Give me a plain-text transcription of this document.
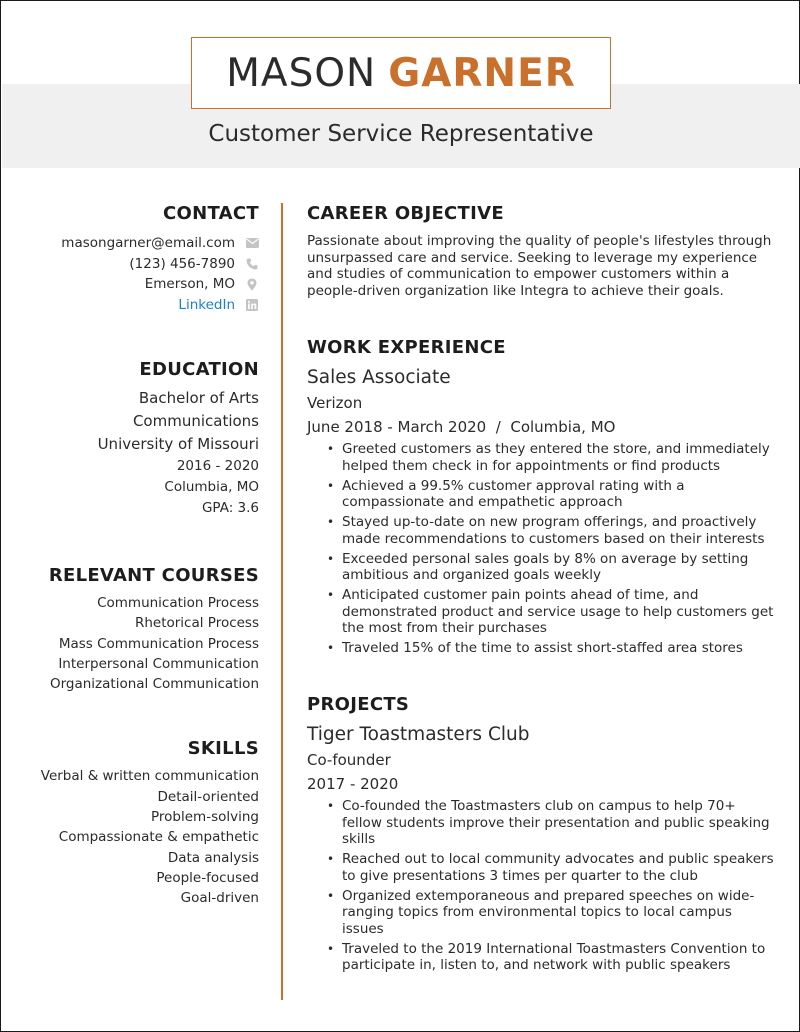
MASON GARNER
Customer Service Representative
CONTACT
masongarner@email.com
(123) 456-7890
Emerson, MO
LinkedIn
EDUCATION
Bachelor of Arts
Communications
University of Missouri
2016 - 2020
Columbia, MO
GPA: 3.6
RELEVANT COURSES
Communication Process
Rhetorical Process
Mass Communication Process
Interpersonal Communication
Organizational Communication
SKILLS
Verbal & written communication
Detail-oriented
Problem-solving
Compassionate & empathetic
Data analysis
People-focused
Goal-driven
CAREER OBJECTIVE
Passionate about improving the quality of people's lifestyles through unsurpassed care and service. Seeking to leverage my experience and studies of communication to empower customers within a people-driven organization like Integra to achieve their goals.
WORK EXPERIENCE
Sales Associate
Verizon
June 2018 - March 2020  /  Columbia, MO
• Greeted customers as they entered the store, and immediately helped them check in for appointments or find products
• Achieved a 99.5% customer approval rating with a compassionate and empathetic approach
• Stayed up-to-date on new program offerings, and proactively made recommendations to customers based on their interests
• Exceeded personal sales goals by 8% on average by setting ambitious and organized goals weekly
• Anticipated customer pain points ahead of time, and demonstrated product and service usage to help customers get the most from their purchases
• Traveled 15% of the time to assist short-staffed area stores
PROJECTS
Tiger Toastmasters Club
Co-founder
2017 - 2020
• Co-founded the Toastmasters club on campus to help 70+ fellow students improve their presentation and public speaking skills
• Reached out to local community advocates and public speakers to give presentations 3 times per quarter to the club
• Organized extemporaneous and prepared speeches on wide-ranging topics from environmental topics to local campus issues
• Traveled to the 2019 International Toastmasters Convention to participate in, listen to, and network with public speakers
